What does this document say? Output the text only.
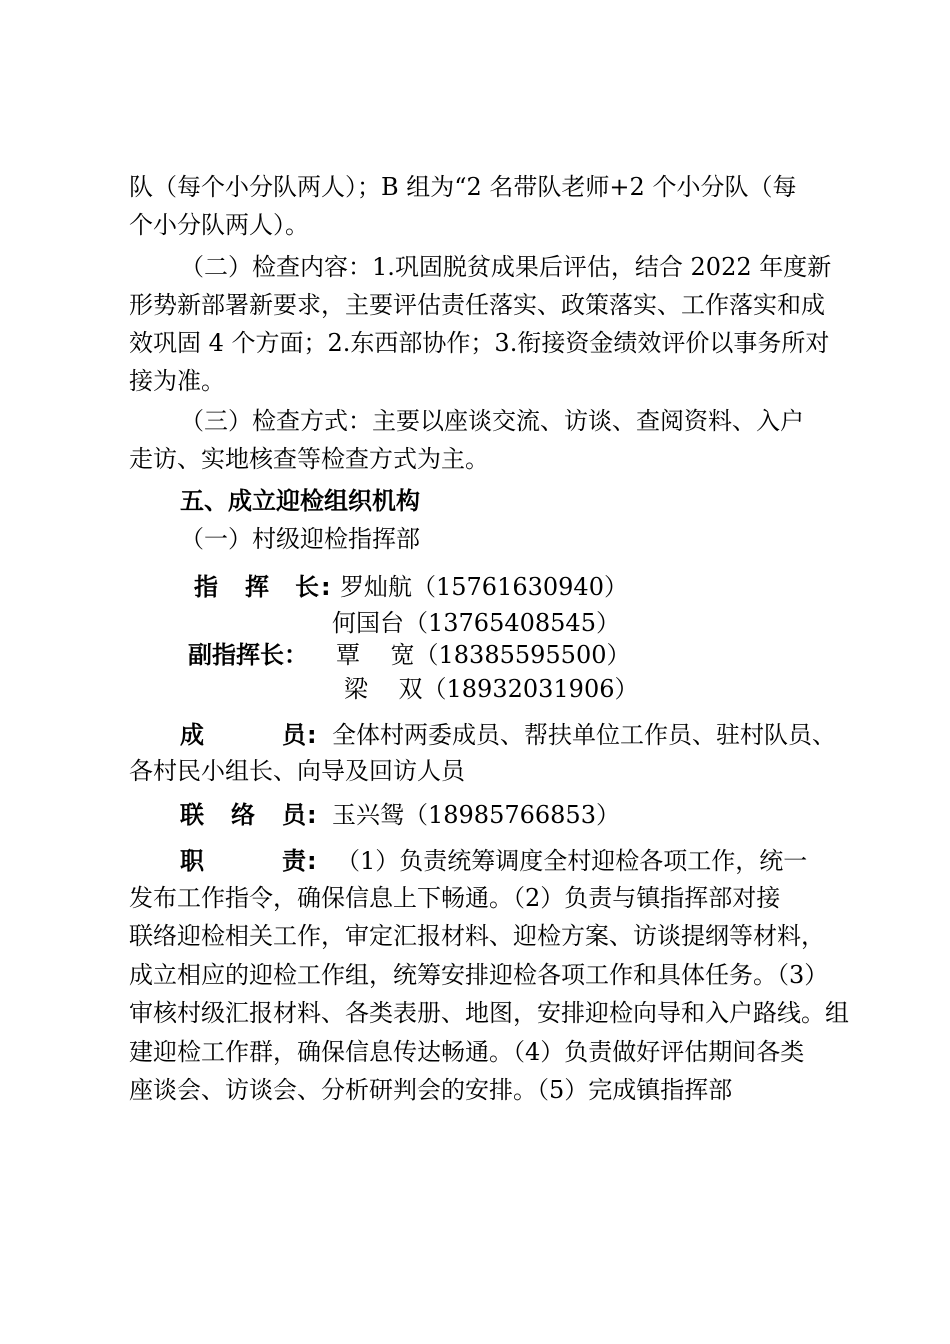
队（每个小分队两人）；B 组为“2 名带队老师+2 个小分队（每
个小分队两人）。
（二）检查内容：1.巩固脱贫成果后评估，结合 2022 年度新
形势新部署新要求，主要评估责任落实、政策落实、工作落实和成
效巩固 4 个方面；2.东西部协作；3.衔接资金绩效评价以事务所对
接为准。
（三）检查方式：主要以座谈交流、访谈、查阅资料、入户
走访、实地核查等检查方式为主。
五、成立迎检组织机构
（一）村级迎检指挥部
指 挥 长 : 罗灿航（15761630940）
何国台（13765408545）
副指挥长： 覃    宽（18385595500）
梁    双（18932031906）
成	员 : 全体村两委成员、帮扶单位工作员、驻村队员、
各村民小组长、向导及回访人员
联 络 员 : 玉兴鸳（18985766853）
职	责 : （1）负责统筹调度全村迎检各项工作，统一
发布工作指令，确保信息上下畅通。（2）负责与镇指挥部对接
联络迎检相关工作，审定汇报材料、迎检方案、访谈提纲等材料，
成立相应的迎检工作组，统筹安排迎检各项工作和具体任务。（3）
审核村级汇报材料、各类表册、地图，安排迎检向导和入户路线。组
建迎检工作群，确保信息传达畅通。（4）负责做好评估期间各类
座谈会、访谈会、分析研判会的安排。（5）完成镇指挥部
